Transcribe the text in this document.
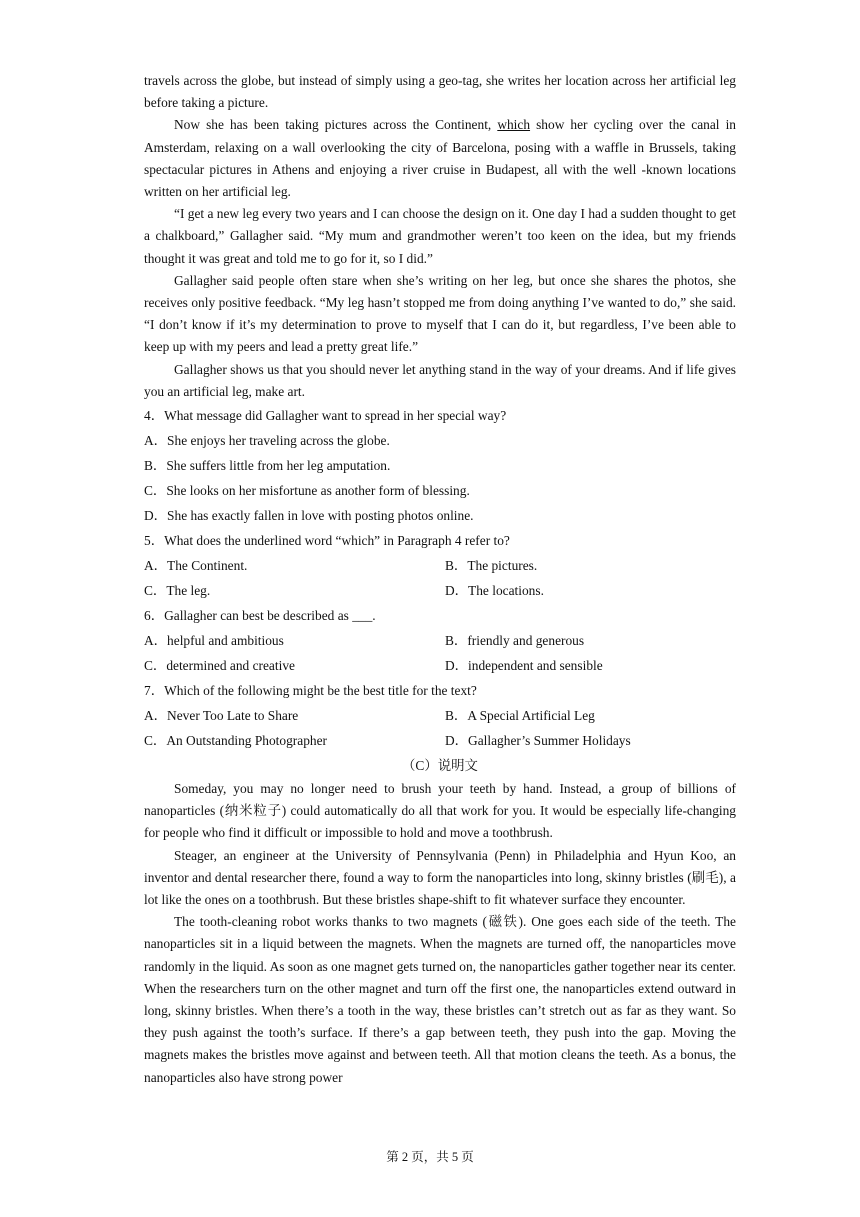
travels across the globe, but instead of simply using a geo-tag, she writes her location across her artificial leg before taking a picture.

Now she has been taking pictures across the Continent, which show her cycling over the canal in Amsterdam, relaxing on a wall overlooking the city of Barcelona, posing with a waffle in Brussels, taking spectacular pictures in Athens and enjoying a river cruise in Budapest, all with the well -known locations written on her artificial leg.

“I get a new leg every two years and I can choose the design on it. One day I had a sudden thought to get a chalkboard,” Gallagher said. “My mum and grandmother weren’t too keen on the idea, but my friends thought it was great and told me to go for it, so I did.”

Gallagher said people often stare when she’s writing on her leg, but once she shares the photos, she receives only positive feedback. “My leg hasn’t stopped me from doing anything I’ve wanted to do,” she said. “I don’t know if it’s my determination to prove to myself that I can do it, but regardless, I’ve been able to keep up with my peers and lead a pretty great life.”

Gallagher shows us that you should never let anything stand in the way of your dreams. And if life gives you an artificial leg, make art.

4．What message did Gallagher want to spread in her special way?
A．She enjoys her traveling across the globe.
B．She suffers little from her leg amputation.
C．She looks on her misfortune as another form of blessing.
D．She has exactly fallen in love with posting photos online.
5．What does the underlined word “which” in Paragraph 4 refer to?
A．The Continent.	B．The pictures.
C．The leg.	D．The locations.
6．Gallagher can best be described as ___.
A．helpful and ambitious	B．friendly and generous
C．determined and creative	D．independent and sensible
7．Which of the following might be the best title for the text?
A．Never Too Late to Share	B．A Special Artificial Leg
C．An Outstanding Photographer	D．Gallagher’s Summer Holidays
（C）说明文

Someday, you may no longer need to brush your teeth by hand. Instead, a group of billions of nanoparticles (纳米粒子) could automatically do all that work for you. It would be especially life-changing for people who find it difficult or impossible to hold and move a toothbrush.

Steager, an engineer at the University of Pennsylvania (Penn) in Philadelphia and Hyun Koo, an inventor and dental researcher there, found a way to form the nanoparticles into long, skinny bristles (刷毛), a lot like the ones on a toothbrush. But these bristles shape-shift to fit whatever surface they encounter.

The tooth-cleaning robot works thanks to two magnets (磁铁). One goes each side of the teeth. The nanoparticles sit in a liquid between the magnets. When the magnets are turned off, the nanoparticles move randomly in the liquid. As soon as one magnet gets turned on, the nanoparticles gather together near its center. When the researchers turn on the other magnet and turn off the first one, the nanoparticles extend outward in long, skinny bristles. When there’s a tooth in the way, these bristles can’t stretch out as far as they want. So they push against the tooth’s surface. If there’s a gap between teeth, they push into the gap. Moving the magnets makes the bristles move against and between teeth. All that motion cleans the teeth. As a bonus, the nanoparticles also have strong power

第 2 页，共 5 页
